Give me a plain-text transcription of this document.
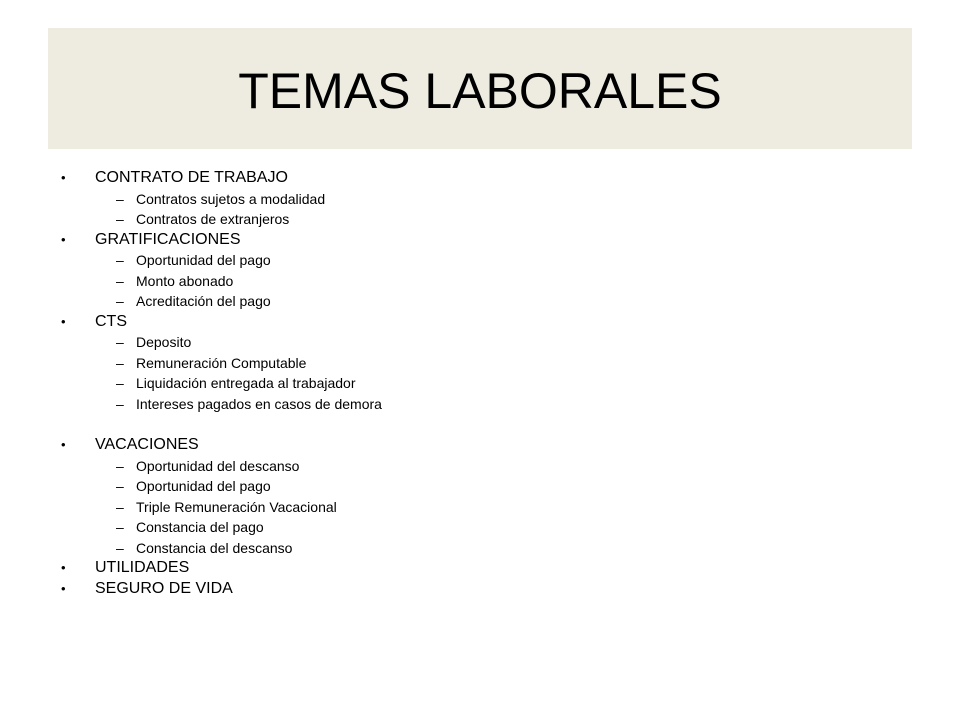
TEMAS LABORALES
• CONTRATO DE TRABAJO
– Contratos sujetos a modalidad
– Contratos de extranjeros
• GRATIFICACIONES
– Oportunidad del pago
– Monto abonado
– Acreditación del pago
• CTS
– Deposito
– Remuneración Computable
– Liquidación entregada al trabajador
– Intereses pagados en casos de demora
• VACACIONES
– Oportunidad del descanso
– Oportunidad del pago
– Triple Remuneración Vacacional
– Constancia del pago
– Constancia del descanso
• UTILIDADES
• SEGURO DE VIDA
